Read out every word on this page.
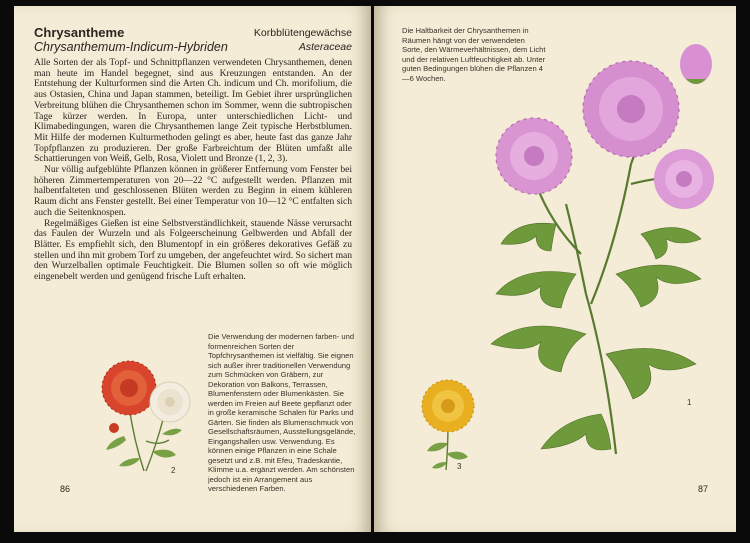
Chrysantheme
Chrysanthemum-Indicum-Hybriden
Korbblütengewächse
Asteraceae

Alle Sorten der als Topf- und Schnittpflanzen verwendeten Chrysanthemen, denen man heute im Handel begegnet, sind aus Kreuzungen entstanden. An der Entstehung der Kulturformen sind die Arten Ch. indicum und Ch. morifolium, die aus Ostasien, China und Japan stammen, beteiligt. Im Gebiet ihrer ursprünglichen Verbreitung blühen die Chrysanthemen schon im Sommer, wenn die subtropischen Tage kürzer werden. In Europa, unter unterschiedlichen Licht- und Klimabedingungen, waren die Chrysanthemen lange Zeit typische Herbstblumen. Mit Hilfe der modernen Kulturmethoden gelingt es aber, heute fast das ganze Jahr Topfpflanzen zu produzieren. Der große Farbreichtum der Blüten umfaßt alle Schattierungen von Weiß, Gelb, Rosa, Violett und Bronze (1, 2, 3).

Nur völlig aufgeblühte Pflanzen können in größerer Entfernung vom Fenster bei höheren Zimmertemperaturen von 20—22 °C aufgestellt werden. Pflanzen mit halbentfalteten und geschlossenen Blüten werden zu Beginn in einem kühleren Raum dicht ans Fenster gestellt. Bei einer Temperatur von 10—12 °C entfalten sich auch die Seitenknospen.

Regelmäßiges Gießen ist eine Selbstverständlichkeit, stauende Nässe verursacht das Faulen der Wurzeln und als Folgeerscheinung Gelbwerden und Abfall der Blätter. Es empfiehlt sich, den Blumentopf in ein größeres dekoratives Gefäß zu stellen und ihn mit grobem Torf zu umgeben, der angefeuchtet wird. So sichert man den Wurzelballen optimale Feuchtigkeit. Die Blumen sollen so oft wie möglich eingenebelt werden und genügend frische Luft erhalten.

2
Die Verwendung der modernen farben- und formenreichen Sorten der Topfchrysanthemen ist vielfältig. Sie eignen sich außer ihrer traditionellen Verwendung zum Schmücken von Gräbern, zur Dekoration von Balkons, Terrassen, Blumenfenstern oder Blumenkästen. Sie werden im Freien auf Beete gepflanzt oder in große keramische Schalen für Parks und Gärten. Sie finden als Blumenschmuck von Gesellschaftsräumen, Ausstellungsgelände, Eingangshallen usw. Verwendung. Es können einige Pflanzen in eine Schale gesetzt und z.B. mit Efeu, Tradeskantie, Klimme u.a. ergänzt werden. Am schönsten jedoch ist ein Arrangement aus verschiedenen Farben.
86
Die Haltbarkeit der Chrysanthemen in Räumen hängt von der verwendeten Sorte, den Wärmeverhältnissen, dem Licht und der relativen Luftfeuchtigkeit ab. Unter guten Bedingungen blühen die Pflanzen 4—6 Wochen.
1
3
87
